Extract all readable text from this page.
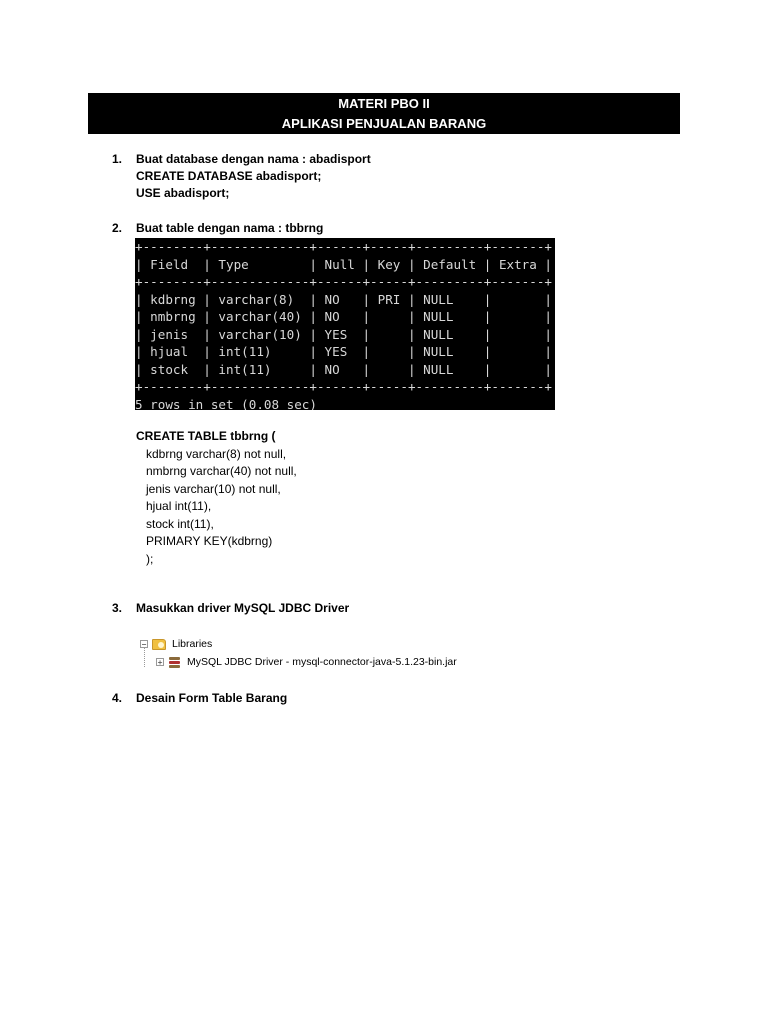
MATERI PBO II
APLIKASI PENJUALAN BARANG
1. Buat database dengan nama : abadisport
CREATE DATABASE abadisport;
USE abadisport;
2. Buat table dengan nama : tbbrng
+--------+-------------+------+-----+---------+-------+
| Field  | Type        | Null | Key | Default | Extra |
+--------+-------------+------+-----+---------+-------+
| kdbrng | varchar(8)  | NO   | PRI | NULL    |       |
| nmbrng | varchar(40) | NO   |     | NULL    |       |
| jenis  | varchar(10) | YES  |     | NULL    |       |
| hjual  | int(11)     | YES  |     | NULL    |       |
| stock  | int(11)     | NO   |     | NULL    |       |
+--------+-------------+------+-----+---------+-------+
5 rows in set (0.08 sec)
CREATE TABLE tbbrng (
kdbrng varchar(8) not null,
nmbrng varchar(40) not null,
jenis varchar(10) not null,
hjual int(11),
stock int(11),
PRIMARY KEY(kdbrng)
);
3. Masukkan driver MySQL JDBC Driver
− Libraries
+ MySQL JDBC Driver - mysql-connector-java-5.1.23-bin.jar
4. Desain Form Table Barang
